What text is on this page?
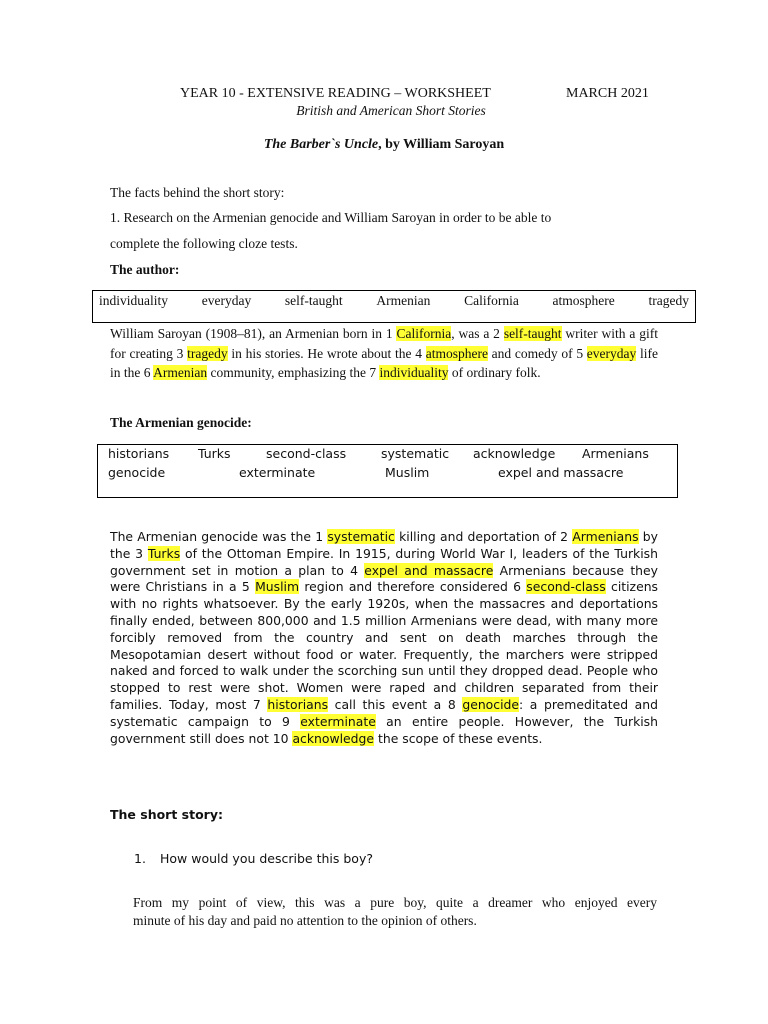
YEAR 10 - EXTENSIVE READING – WORKSHEET	MARCH 2021
British and American Short Stories
The Barber`s Uncle, by William Saroyan
The facts behind the short story:
1. Research on the Armenian genocide and William Saroyan in order to be able to
complete the following cloze tests.
The author:
individuality everyday self-taught Armenian California atmosphere tragedy
William Saroyan (1908–81), an Armenian born in 1 California, was a 2 self-taught writer with a gift for creating 3 tragedy in his stories. He wrote about the 4 atmosphere and comedy of 5 everyday life in the 6 Armenian community, emphasizing the 7 individuality of ordinary folk.
The Armenian genocide:
historians Turks	second-class	systematic acknowledge Armenians
genocide	exterminate	Muslim	expel and massacre
The Armenian genocide was the 1 systematic killing and deportation of 2 Armenians by the 3 Turks of the Ottoman Empire. In 1915, during World War I, leaders of the Turkish government set in motion a plan to 4 expel and massacre Armenians because they were Christians in a 5 Muslim region and therefore considered 6 second-class citizens with no rights whatsoever. By the early 1920s, when the massacres and deportations finally ended, between 800,000 and 1.5 million Armenians were dead, with many more forcibly removed from the country and sent on death marches through the Mesopotamian desert without food or water. Frequently, the marchers were stripped naked and forced to walk under the scorching sun until they dropped dead. People who stopped to rest were shot. Women were raped and children separated from their families. Today, most 7 historians call this event a 8 genocide: a premeditated and systematic campaign to 9 exterminate an entire people. However, the Turkish government still does not 10 acknowledge the scope of these events.
The short story:
1. How would you describe this boy?
From my point of view, this was a pure boy, quite a dreamer who enjoyed every
minute of his day and paid no attention to the opinion of others.
